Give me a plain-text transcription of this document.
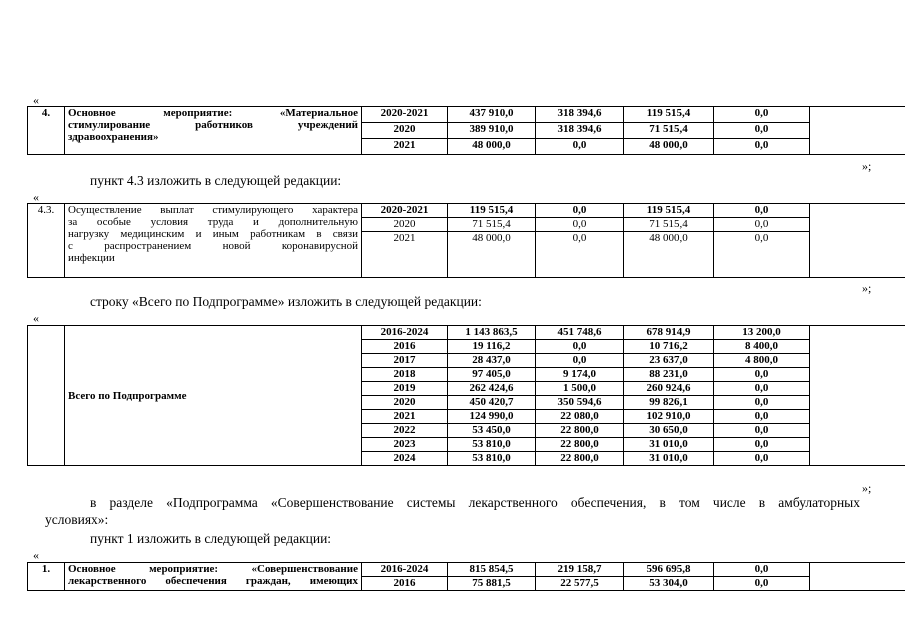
«
4.	Основное мероприятие: «Материальное
стимулирование работников учреждений
здравоохранения»	2020-2021	437 910,0	318 394,6	119 515,4	0,0	
		2020	389 910,0	318 394,6	71 515,4	0,0	
		2021	48 000,0	0,0	48 000,0	0,0	
»;
пункт 4.3 изложить в следующей редакции:
«
4.3.	Осуществление выплат стимулирующего характера
за особые условия труда и дополнительную
нагрузку медицинским и иным работникам в связи
с распространением новой коронавирусной
инфекции	2020-2021	119 515,4	0,0	119 515,4	0,0	
		2020	71 515,4	0,0	71 515,4	0,0	
		2021	48 000,0	0,0	48 000,0	0,0	
»;
строку «Всего по Подпрограмме» изложить в следующей редакции:
«
	Всего по Подпрограмме	2016-2024	1 143 863,5	451 748,6	678 914,9	13 200,0	
		2016	19 116,2	0,0	10 716,2	8 400,0	
		2017	28 437,0	0,0	23 637,0	4 800,0	
		2018	97 405,0	9 174,0	88 231,0	0,0	
		2019	262 424,6	1 500,0	260 924,6	0,0	
		2020	450 420,7	350 594,6	99 826,1	0,0	
		2021	124 990,0	22 080,0	102 910,0	0,0	
		2022	53 450,0	22 800,0	30 650,0	0,0	
		2023	53 810,0	22 800,0	31 010,0	0,0	
		2024	53 810,0	22 800,0	31 010,0	0,0	
»;
в разделе «Подпрограмма «Совершенствование системы лекарственного обеспечения, в том числе в амбулаторных
условиях»:
пункт 1 изложить в следующей редакции:
«
1.	Основное мероприятие: «Совершенствование
лекарственного обеспечения граждан, имеющих	2016-2024	815 854,5	219 158,7	596 695,8	0,0	
		2016	75 881,5	22 577,5	53 304,0	0,0	
